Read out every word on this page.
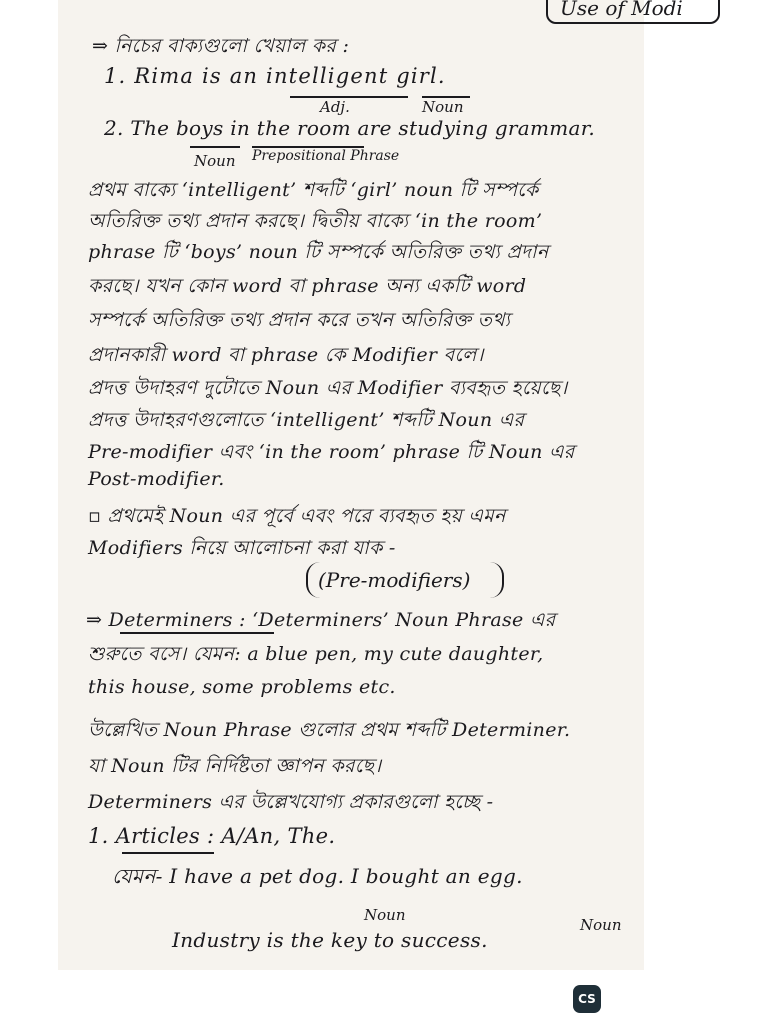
Use of Modi
⇒ নিচের বাক্যগুলো খেয়াল কর :
1. Rima is an intelligent girl.
Adj.	Noun
2. The boys in the room are studying grammar.
Noun Prepositional Phrase
প্রথম বাক্যে ‘intelligent’ শব্দটি ‘girl’ noun টি সম্পর্কে
অতিরিক্ত তথ্য প্রদান করছে। দ্বিতীয় বাক্যে ‘in the room’
phrase টি ‘boys’ noun টি সম্পর্কে অতিরিক্ত তথ্য প্রদান
করছে। যখন কোন word বা phrase অন্য একটি word
সম্পর্কে অতিরিক্ত তথ্য প্রদান করে তখন অতিরিক্ত তথ্য
প্রদানকারী word বা phrase কে Modifier বলে।
প্রদত্ত উদাহরণ দুটোতে Noun এর Modifier ব্যবহৃত হয়েছে।
প্রদত্ত উদাহরণগুলোতে ‘intelligent’ শব্দটি Noun এর
Pre-modifier এবং ‘in the room’ phrase টি Noun এর
Post-modifier.
▫ প্রথমেই Noun এর পূর্বে এবং পরে ব্যবহৃত হয় এমন
Modifiers নিয়ে আলোচনা করা যাক -
(Pre-modifiers)
⇒ Determiners : ‘Determiners’ Noun Phrase এর
শুরুতে বসে। যেমন: a blue pen, my cute daughter,
this house, some problems etc.
উল্লেখিত Noun Phrase গুলোর প্রথম শব্দটি Determiner.
যা Noun টির নির্দিষ্টতা জ্ঞাপন করছে।
Determiners এর উল্লেখযোগ্য প্রকারগুলো হচ্ছে -
1. Articles : A/An, The.
যেমন- I have a pet dog. I bought an egg.
Noun
Noun
Industry is the key to success.
CS
